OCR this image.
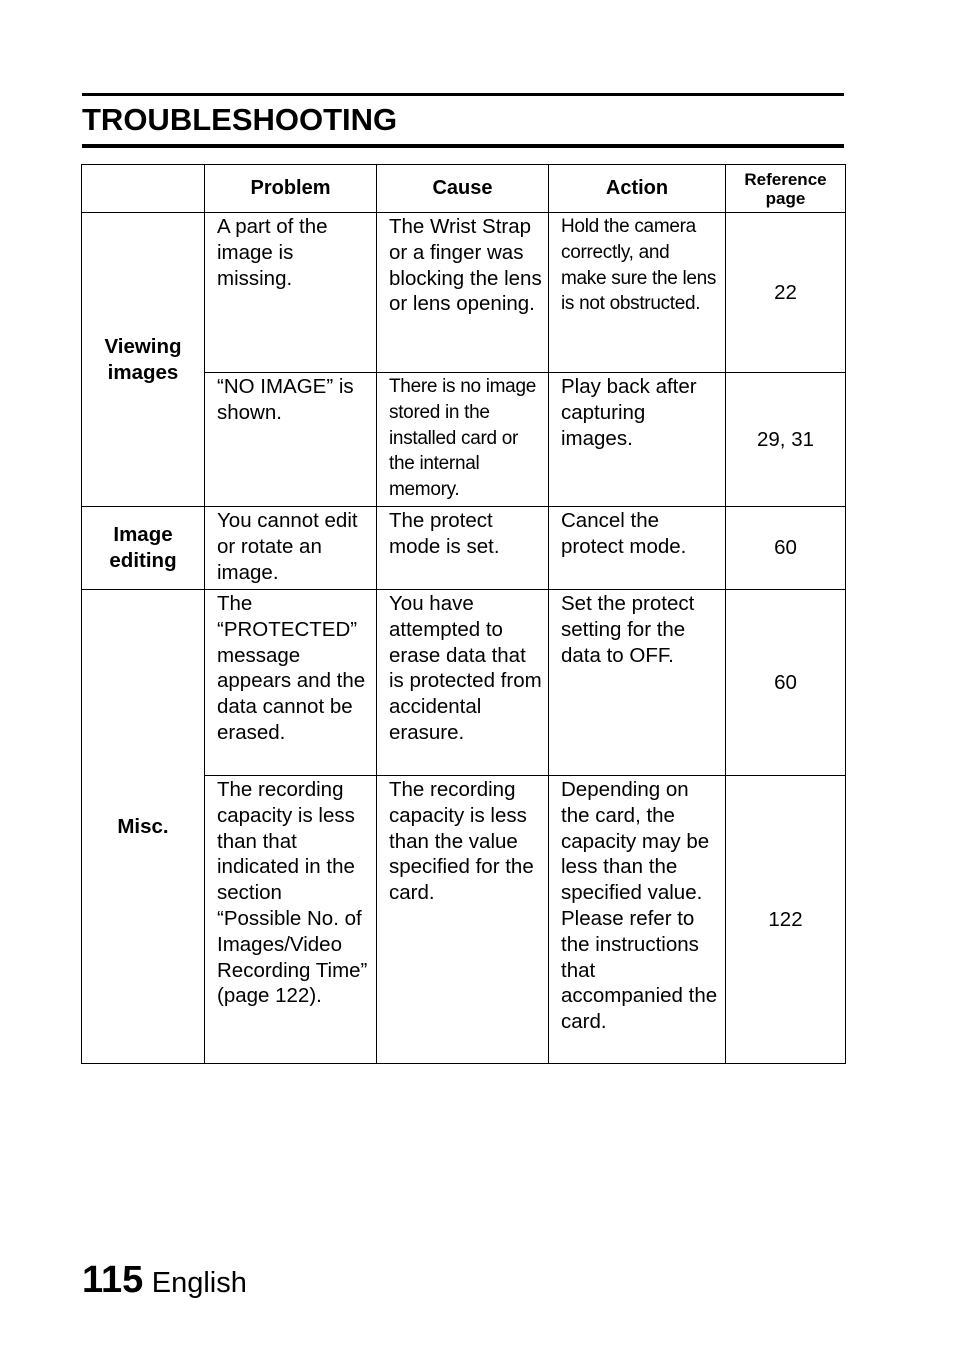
TROUBLESHOOTING
	Problem	Cause	Action	Reference
page
Viewing images	A part of the image is missing.	The Wrist Strap or a finger was blocking the lens or lens opening.	Hold the camera correctly, and make sure the lens is not obstructed.	22
	“NO IMAGE” is shown.	There is no image stored in the installed card or the internal memory.	Play back after capturing images.	29, 31
Image editing	You cannot edit or rotate an image.	The protect mode is set.	Cancel the protect mode.	60
Misc.	The “PROTECTED” message appears and the data cannot be erased.	You have attempted to erase data that is protected from accidental erasure.	Set the protect setting for the data to OFF.	60
	The recording capacity is less than that indicated in the section “Possible No. of Images/Video Recording Time” (page 122).	The recording capacity is less than the value specified for the card.	Depending on the card, the capacity may be less than the specified value. Please refer to the instructions that accompanied the card.	122
115 English
